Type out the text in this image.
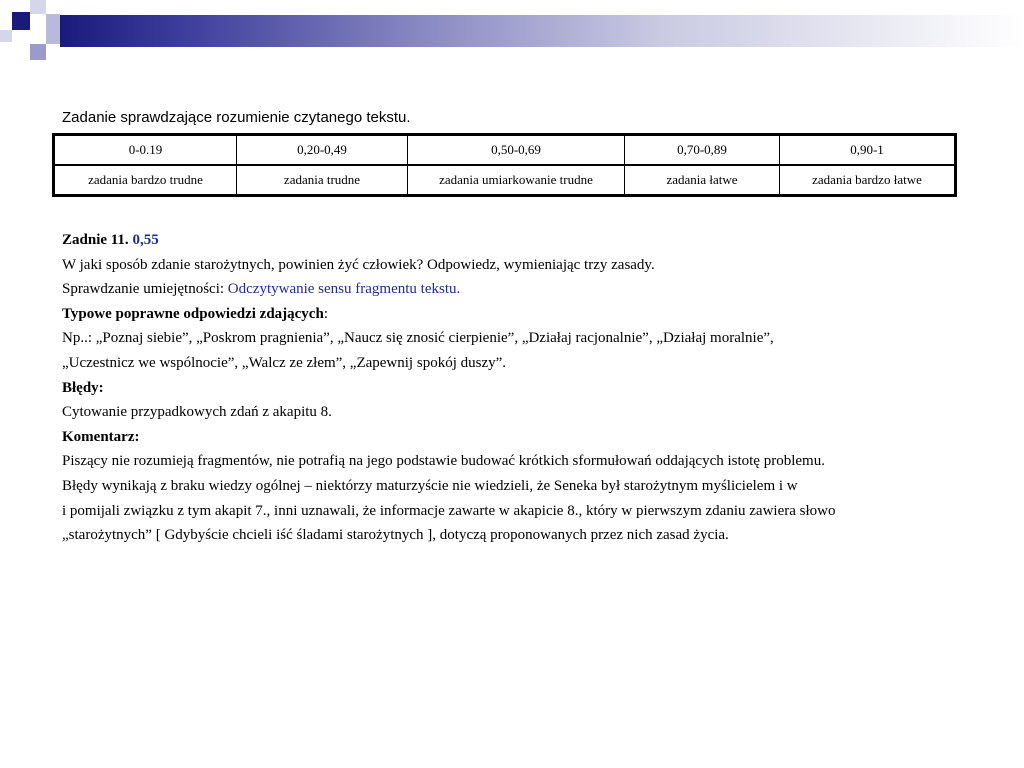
Zadanie sprawdzające rozumienie czytanego tekstu.
0-0.19	0,20-0,49	0,50-0,69	0,70-0,89	0,90-1
zadania bardzo trudne	zadania trudne	zadania umiarkowanie trudne	zadania łatwe	zadania bardzo łatwe

Zadnie 11. 0,55

W jaki sposób zdanie starożytnych, powinien żyć człowiek? Odpowiedz, wymieniając trzy zasady.

Sprawdzanie umiejętności: Odczytywanie sensu fragmentu tekstu.

Typowe poprawne odpowiedzi zdających:

Np..: „Poznaj siebie”, „Poskrom pragnienia”, „Naucz się znosić cierpienie”, „Działaj racjonalnie”, „Działaj moralnie”,

„Uczestnicz we wspólnocie”, „Walcz ze złem”, „Zapewnij spokój duszy”.

Błędy:

Cytowanie przypadkowych zdań z akapitu 8.

Komentarz:

Piszący nie rozumieją fragmentów, nie potrafią na jego podstawie budować krótkich sformułowań oddających istotę problemu.

Błędy wynikają z braku wiedzy ogólnej – niektórzy maturzyście nie wiedzieli, że Seneka był starożytnym myślicielem i w

i pomijali związku z tym akapit 7., inni uznawali, że informacje zawarte w akapicie 8., który w pierwszym zdaniu zawiera słowo

„starożytnych” [ Gdybyście chcieli iść śladami starożytnych ], dotyczą proponowanych przez nich zasad życia.
